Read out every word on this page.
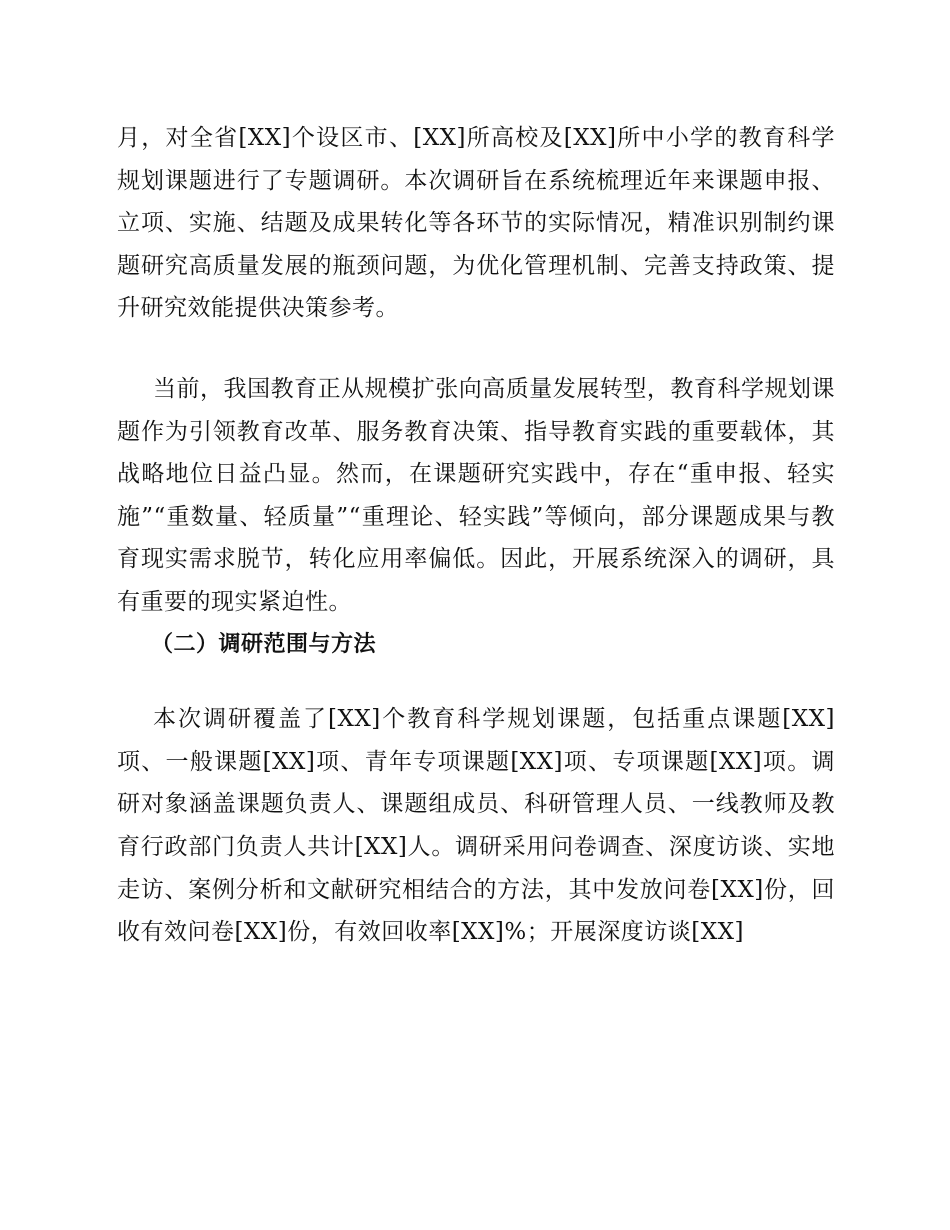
月，对全省[XX]个设区市、[XX]所高校及[XX]所中小学的教育科学规划课题进行了专题调研。本次调研旨在系统梳理近年来课题申报、立项、实施、结题及成果转化等各环节的实际情况，精准识别制约课题研究高质量发展的瓶颈问题，为优化管理机制、完善支持政策、提升研究效能提供决策参考。

当前，我国教育正从规模扩张向高质量发展转型，教育科学规划课题作为引领教育改革、服务教育决策、指导教育实践的重要载体，其战略地位日益凸显。然而，在课题研究实践中，存在“重申报、轻实施”“重数量、轻质量”“重理论、轻实践”等倾向，部分课题成果与教育现实需求脱节，转化应用率偏低。因此，开展系统深入的调研，具有重要的现实紧迫性。

（二）调研范围与方法

本次调研覆盖了[XX]个教育科学规划课题，包括重点课题[XX]项、一般课题[XX]项、青年专项课题[XX]项、专项课题[XX]项。调研对象涵盖课题负责人、课题组成员、科研管理人员、一线教师及教育行政部门负责人共计[XX]人。调研采用问卷调查、深度访谈、实地走访、案例分析和文献研究相结合的方法，其中发放问卷[XX]份，回收有效问卷[XX]份，有效回收率[XX]%；开展深度访谈[XX]
